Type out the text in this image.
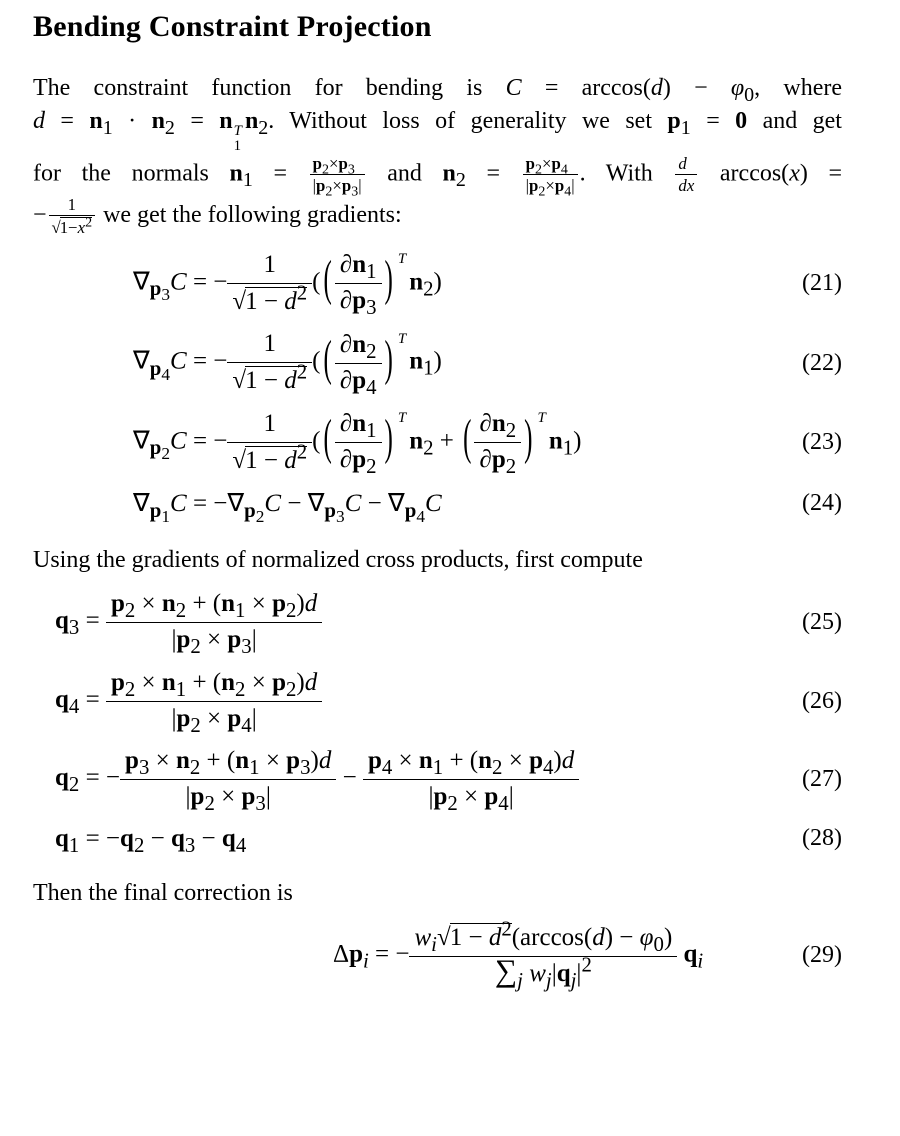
Bending Constraint Projection
The constraint function for bending is $C = \arccos(d) - \varphi_0$, where
$d = n_1 \cdot n_2 = n$ T
1
$n_2$. Without loss of generality we set $p_1 = 0$ and get
for the normals $n_1 = \frac{p_2\times p_3}{|p_2\times p_3|}$ and $n_2 = \frac{p_2\times p_4}{|p_2\times p_4|}$ . With $\frac{d}{dx} \arccos(x)$ =
− $\frac{1}{√1-x^2}$ we get the following gradients:
$\nabla_{p_3}C$ = − $\frac{1}{√1 - d^2}$ ( ( $\frac{\partial n_1}{\partial p_3}$ ) $^Tn_2$)	(21)
$\nabla_{p_4}C$ = − $\frac{1}{√1 - d^2}$ ( ( $\frac{\partial n_2}{\partial p_4}$ ) $^Tn_1$)	(22)
$\nabla_{p_2}C$ = − $\frac{1}{√1 - d^2}$ ( ( $\frac{\partial n_1}{\partial p_2}$ ) $^Tn_2$ + ( $\frac{\partial n_2}{\partial p_2}$ ) $^Tn_1$)	(23)
$\nabla_{p_1}C = -\nabla_{p_2}C - \nabla_{p_3}C - \nabla_{p_4}C$	(24)
Using the gradients of normalized cross products, first compute
$q_3 = \frac{p_2 \times n_2 + (n_1 \times p_2)d}{|p_2 \times p_3|}$	(25)
$q_4 = \frac{p_2 \times n_1 + (n_2 \times p_2)d}{|p_2 \times p_4|}$	(26)
$q_2$ = − $\frac{p_3 \times n_2 + (n_1 \times p_3)d}{|p_2 \times p_3|} - \frac{p_4 \times n_1 + (n_2 \times p_4)d}{|p_2 \times p_4|}$	(27)
$q_1 = -q_2 - q_3 - q_4$	(28)
Then the final correction is
$\Delta p_i$ = − $\frac{w_i√1 - d^2(\arccos(d) - \varphi_0)}{\sum_j w_j|q_j|^2} q_i$	(29)
